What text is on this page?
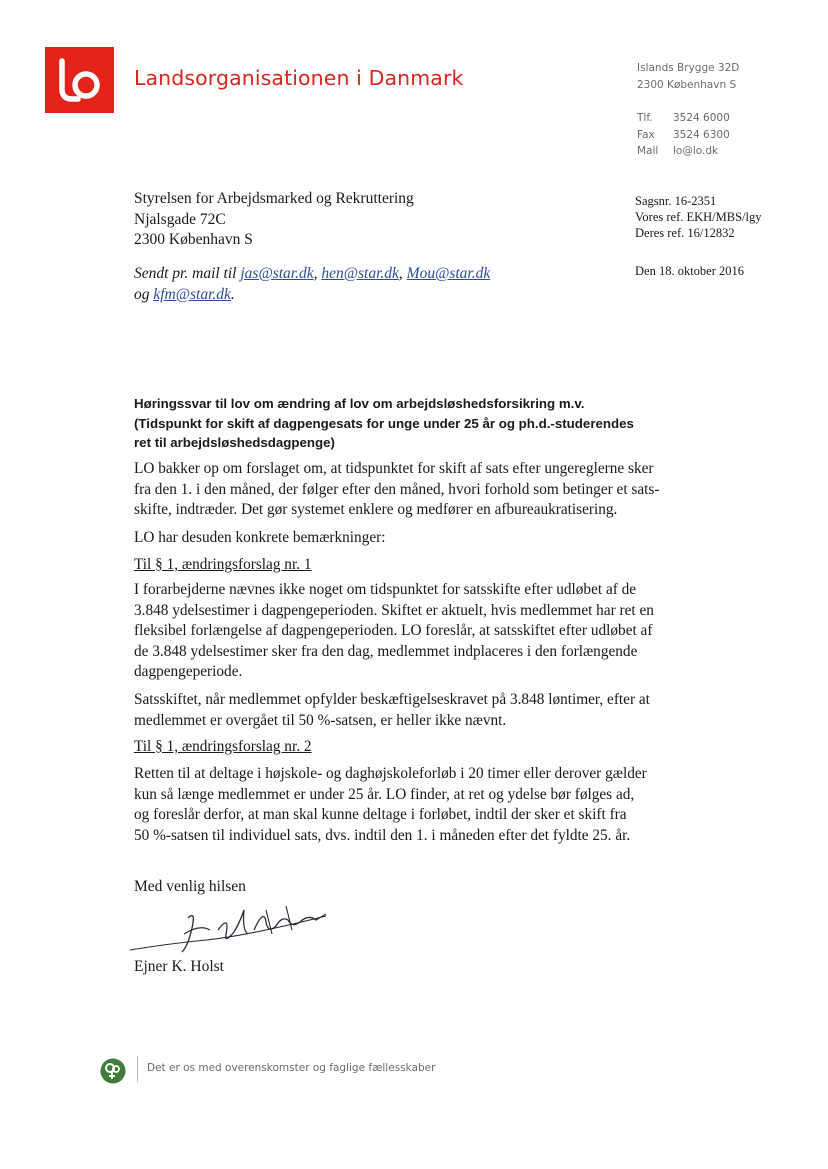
Landsorganisationen i Danmark	Islands Brygge 32D
2300 København S
Tlf. 3524 6000
Fax 3524 6300
Mail lo@lo.dk
Styrelsen for Arbejdsmarked og Rekruttering
Njalsgade 72C
2300 København S
Sendt pr. mail til jas@star.dk, hen@star.dk, Mou@star.dk
og kfm@star.dk.
Sagsnr. 16-2351
Vores ref. EKH/MBS/lgy
Deres ref. 16/12832
Den 18. oktober 2016
Høringssvar til lov om ændring af lov om arbejdsløshedsforsikring m.v.
(Tidspunkt for skift af dagpengesats for unge under 25 år og ph.d.-studerendes
ret til arbejdsløshedsdagpenge)
LO bakker op om forslaget om, at tidspunktet for skift af sats efter ungereglerne sker
fra den 1. i den måned, der følger efter den måned, hvori forhold som betinger et sats-
skifte, indtræder. Det gør systemet enklere og medfører en afbureaukratisering.
LO har desuden konkrete bemærkninger:
Til § 1, ændringsforslag nr. 1
I forarbejderne nævnes ikke noget om tidspunktet for satsskifte efter udløbet af de
3.848 ydelsestimer i dagpengeperioden. Skiftet er aktuelt, hvis medlemmet har ret en
fleksibel forlængelse af dagpengeperioden. LO foreslår, at satsskiftet efter udløbet af
de 3.848 ydelsestimer sker fra den dag, medlemmet indplaceres i den forlængende
dagpengeperiode.
Satsskiftet, når medlemmet opfylder beskæftigelseskravet på 3.848 løntimer, efter at
medlemmet er overgået til 50 %-satsen, er heller ikke nævnt.
Til § 1, ændringsforslag nr. 2
Retten til at deltage i højskole- og daghøjskoleforløb i 20 timer eller derover gælder
kun så længe medlemmet er under 25 år. LO finder, at ret og ydelse bør følges ad,
og foreslår derfor, at man skal kunne deltage i forløbet, indtil der sker et skift fra
50 %-satsen til individuel sats, dvs. indtil den 1. i måneden efter det fyldte 25. år.
Med venlig hilsen
Ejner K. Holst
Det er os med overenskomster og faglige fællesskaber
